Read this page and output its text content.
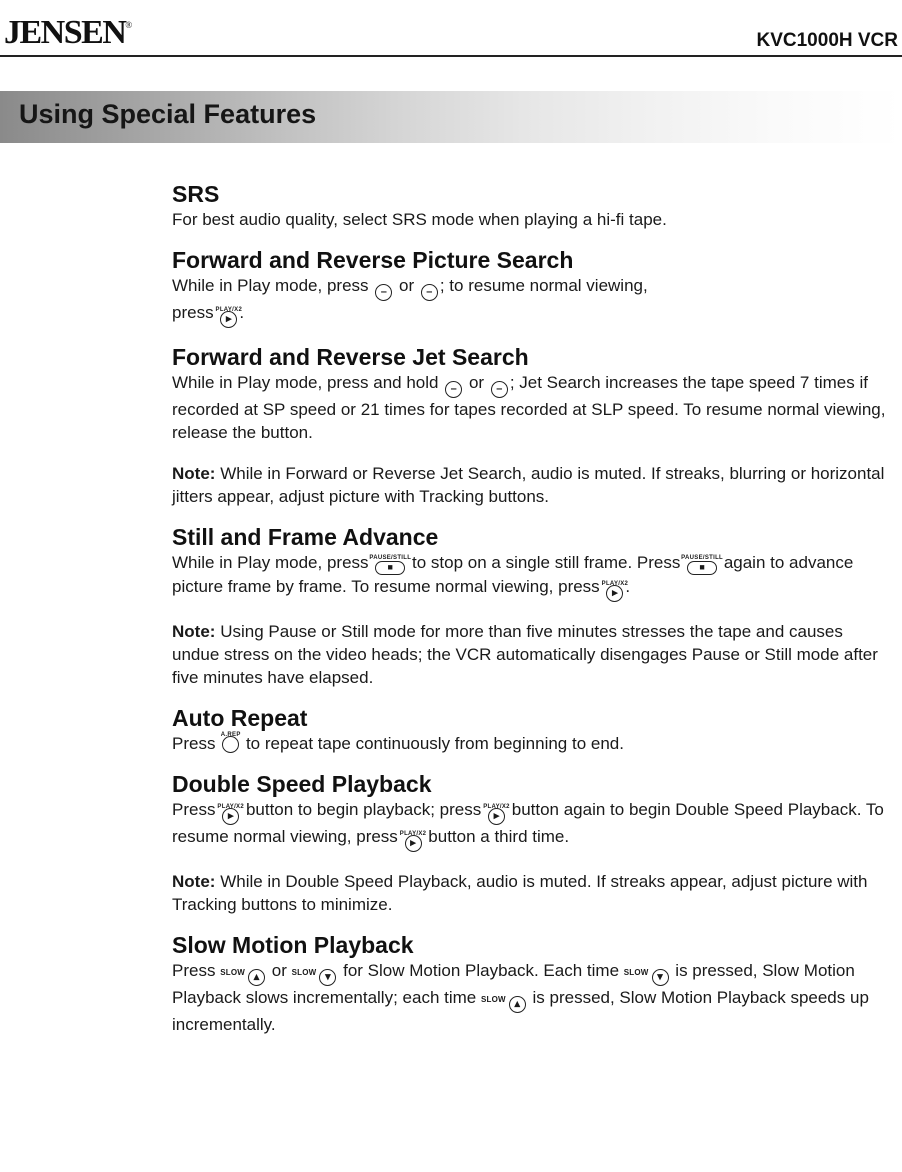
JENSEN®
KVC1000H VCR
Using Special Features

SRS

For best audio quality, select SRS mode when playing a hi-fi tape.

Forward and Reverse Picture Search

While in Play mode, press – or – ; to resume normal viewing,
press PLAY/X2
▸ .

Forward and Reverse Jet Search

While in Play mode, press and hold – or – ; Jet Search increases the tape speed 7 times if recorded at SP speed or 21 times for tapes recorded at SLP speed. To resume normal viewing, release the button.

Note: While in Forward or Reverse Jet Search, audio is muted. If streaks, blurring or horizontal jitters appear, adjust picture with Tracking buttons.

Still and Frame Advance

While in Play mode, press PAUSE/STILL
■ to stop on a single still frame. Press PAUSE/STILL
■ again to advance picture frame by frame. To resume normal viewing, press PLAY/X2
▸ .

Note: Using Pause or Still mode for more than five minutes stresses the tape and causes undue stress on the video heads; the VCR automatically disengages Pause or Still mode after five minutes have elapsed.

Auto Repeat

Press A.REP to repeat tape continuously from beginning to end.

Double Speed Playback

Press PLAY/X2
▸ button to begin playback; press PLAY/X2
▸ button again to begin Double Speed Playback. To resume normal viewing, press PLAY/X2
▸ button a third time.

Note: While in Double Speed Playback, audio is muted. If streaks appear, adjust picture with Tracking buttons to minimize.

Slow Motion Playback

Press SLOW ▴ or SLOW ▾ for Slow Motion Playback. Each time SLOW ▾ is pressed, Slow Motion Playback slows incrementally; each time SLOW ▴ is pressed, Slow Motion Playback speeds up incrementally.
